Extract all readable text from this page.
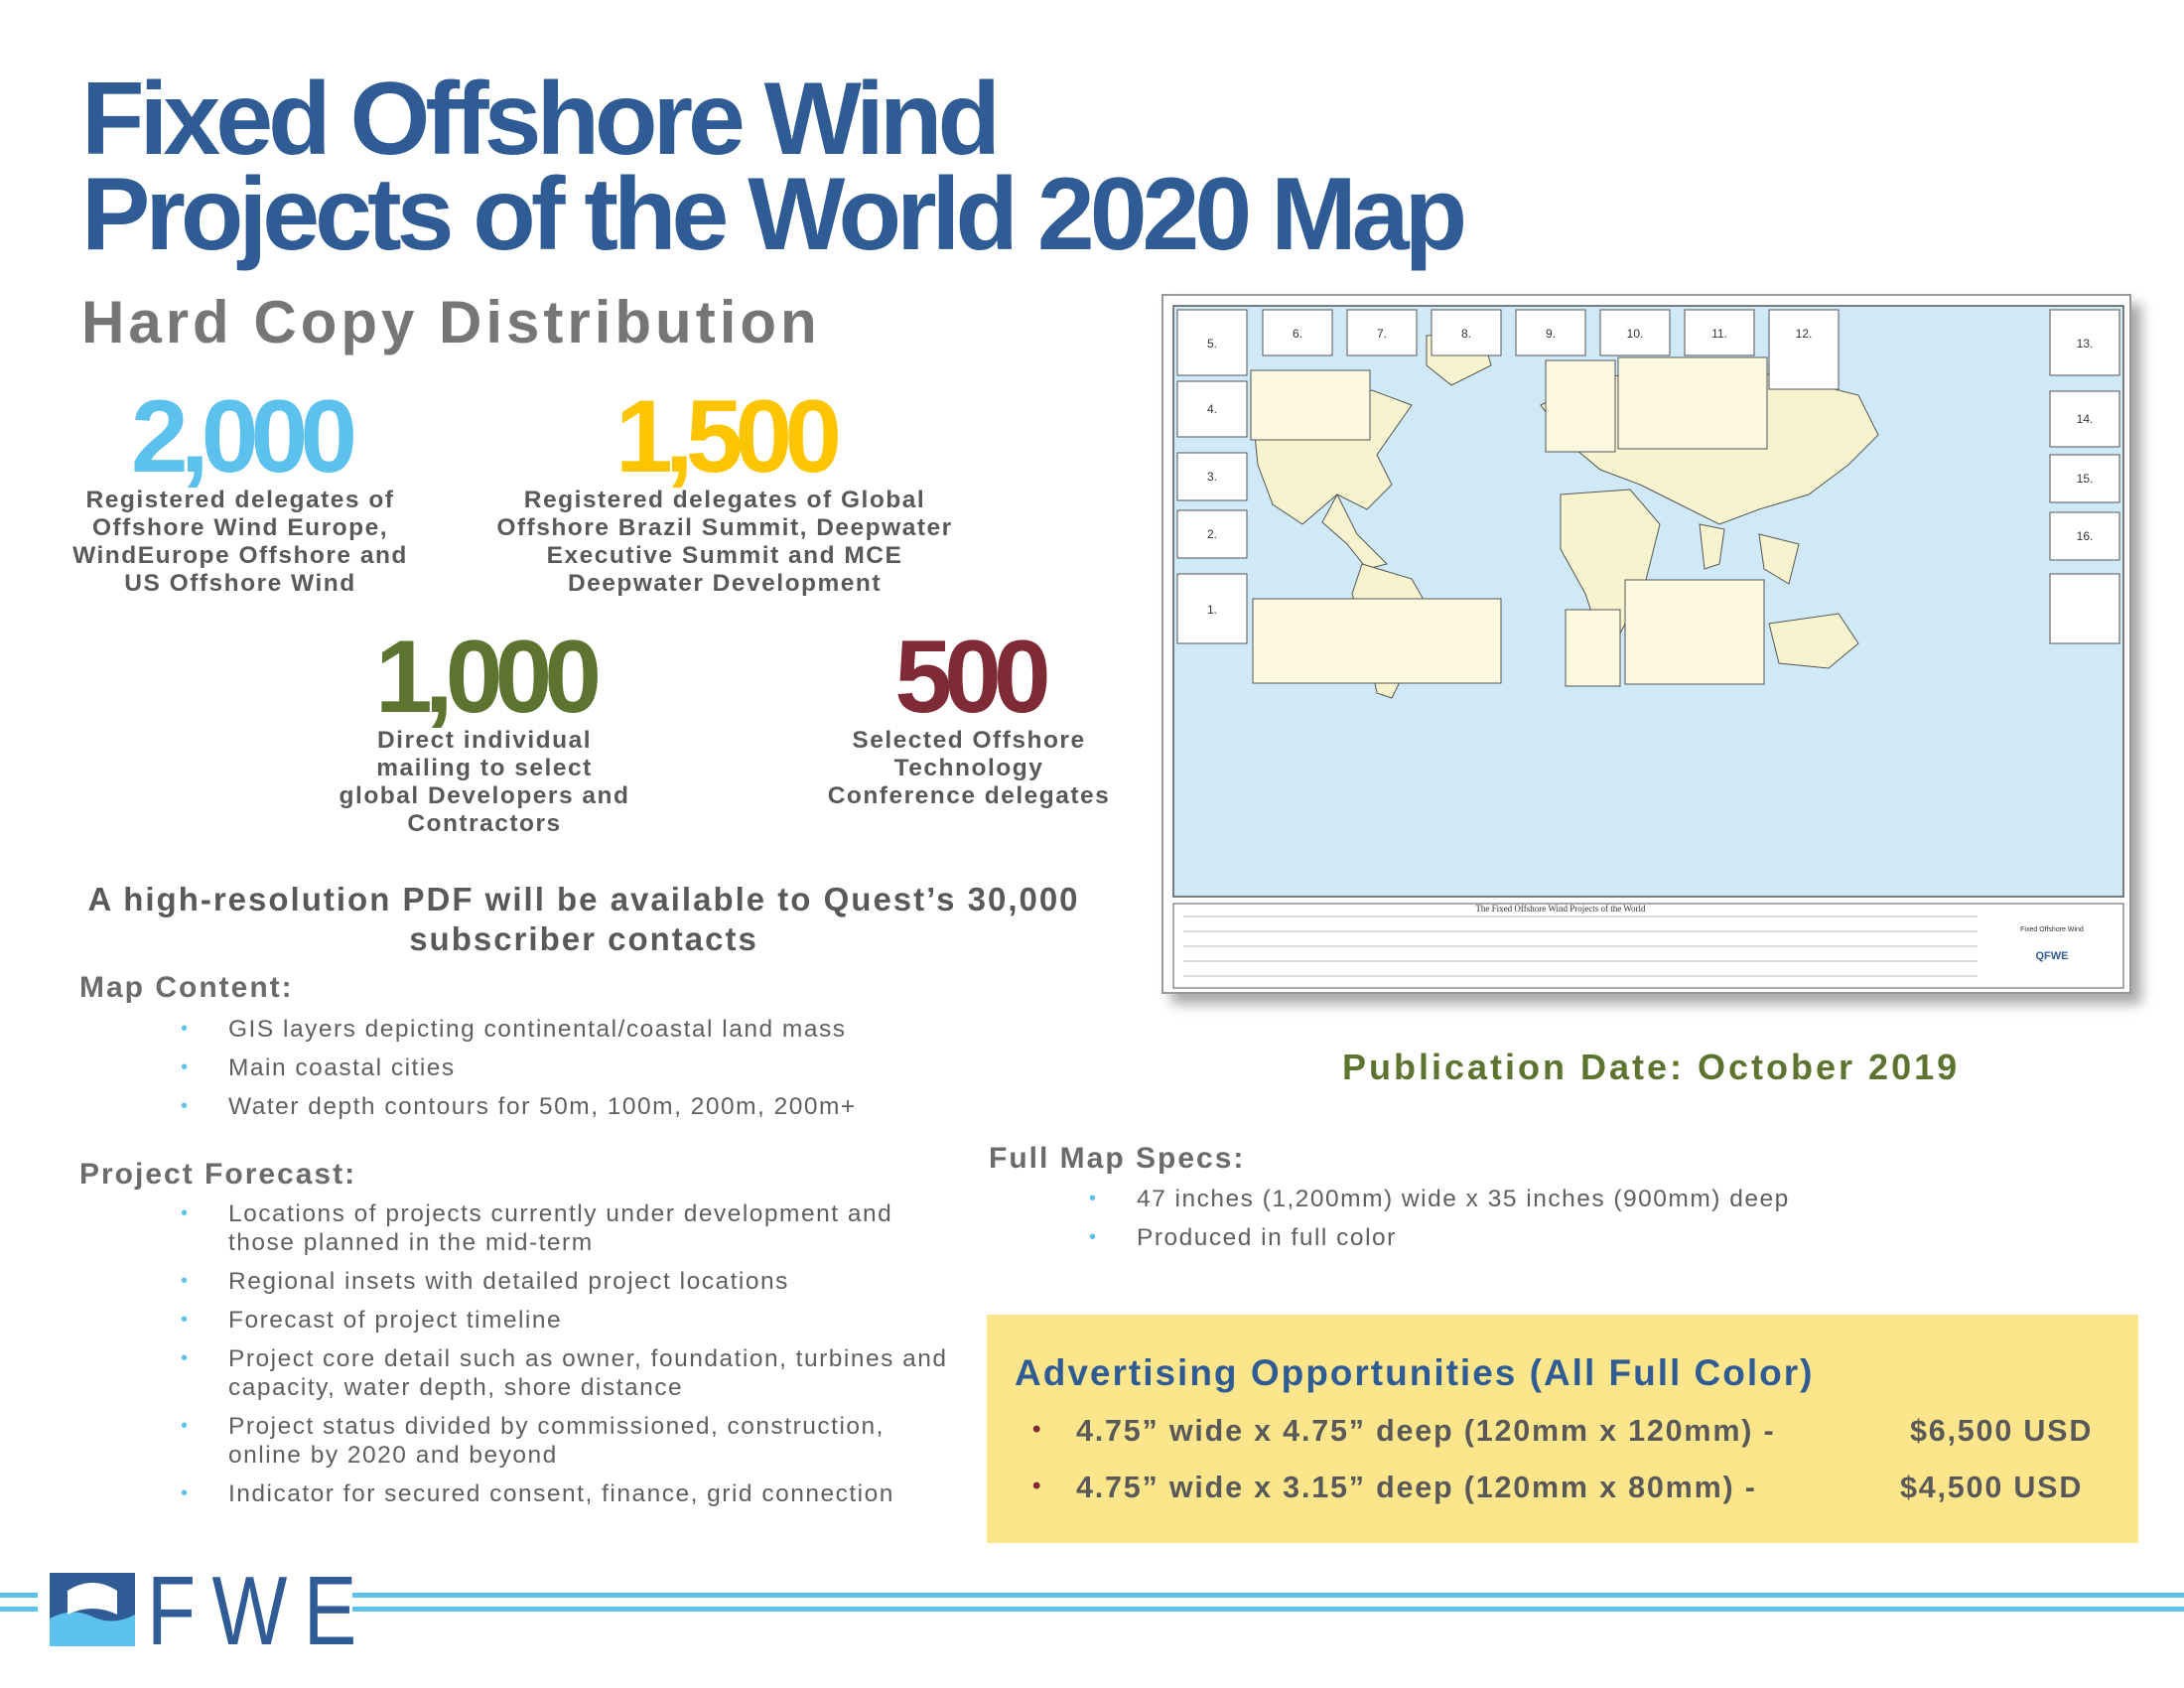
Fixed Offshore Wind
Projects of the World 2020 Map
Hard Copy Distribution
2,000
Registered delegates of
Offshore Wind Europe,
WindEurope Offshore and
US Offshore Wind
1,500
Registered delegates of Global
Offshore Brazil Summit, Deepwater
Executive Summit and MCE
Deepwater Development
1,000
Direct individual
mailing to select
global Developers and
Contractors
500
Selected Offshore
Technology
Conference delegates
A high-resolution PDF will be available to Quest’s 30,000 subscriber contacts
Map Content:
• GIS layers depicting continental/coastal land mass
• Main coastal cities
• Water depth contours for 50m, 100m, 200m, 200m+
Project Forecast:
• Locations of projects currently under development and those planned in the mid-term
• Regional insets with detailed project locations
• Forecast of project timeline
• Project core detail such as owner, foundation, turbines and capacity, water depth, shore distance
• Project status divided by commissioned, construction, online by 2020 and beyond
• Indicator for secured consent, finance, grid connection
6.	7.	8.	9.	10.	11.	12.
5.
4.
3.
2.
1.
13.
14.
15.
16.
The Fixed Offshore Wind Projects of the World
Fixed Offshore Wind
QFWE
Publication Date: October 2019
Full Map Specs:
• 47 inches (1,200mm) wide x 35 inches (900mm) deep
• Produced in full color
Advertising Opportunities (All Full Color)
• 4.75” wide x 4.75” deep (120mm x 120mm) -	$6,500 USD
• 4.75” wide x 3.15” deep (120mm x 80mm) -	$4,500 USD
FWE
